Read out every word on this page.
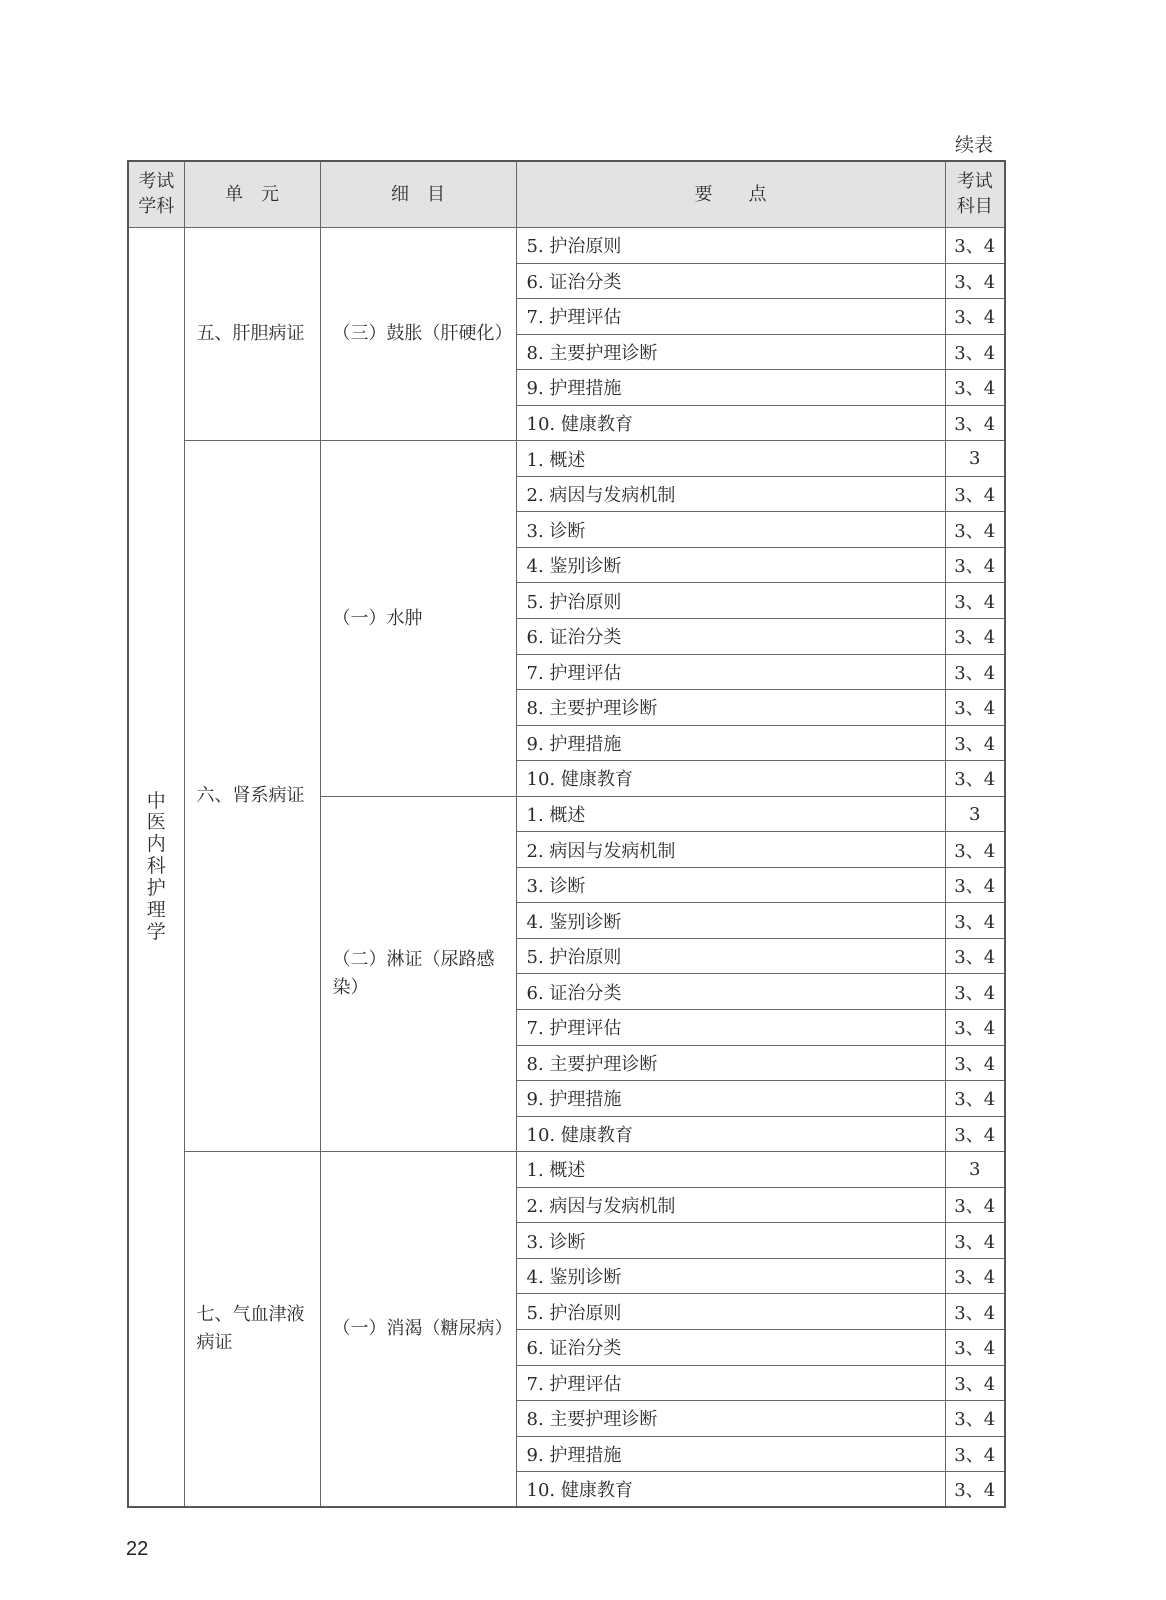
续表
考试学科	单　元	细　目	要　　点	考试科目
中医内科护理学	五、肝胆病证	（三）鼓胀（肝硬化）	5. 护治原则	3、4
			6. 证治分类	3、4
			7. 护理评估	3、4
			8. 主要护理诊断	3、4
			9. 护理措施	3、4
			10. 健康教育	3、4
	六、肾系病证	（一）水肿	1. 概述	3
			2. 病因与发病机制	3、4
			3. 诊断	3、4
			4. 鉴别诊断	3、4
			5. 护治原则	3、4
			6. 证治分类	3、4
			7. 护理评估	3、4
			8. 主要护理诊断	3、4
			9. 护理措施	3、4
			10. 健康教育	3、4
		（二）淋证（尿路感染）	1. 概述	3
			2. 病因与发病机制	3、4
			3. 诊断	3、4
			4. 鉴别诊断	3、4
			5. 护治原则	3、4
			6. 证治分类	3、4
			7. 护理评估	3、4
			8. 主要护理诊断	3、4
			9. 护理措施	3、4
			10. 健康教育	3、4
	七、气血津液病证	（一）消渴（糖尿病）	1. 概述	3
			2. 病因与发病机制	3、4
			3. 诊断	3、4
			4. 鉴别诊断	3、4
			5. 护治原则	3、4
			6. 证治分类	3、4
			7. 护理评估	3、4
			8. 主要护理诊断	3、4
			9. 护理措施	3、4
			10. 健康教育	3、4
22
